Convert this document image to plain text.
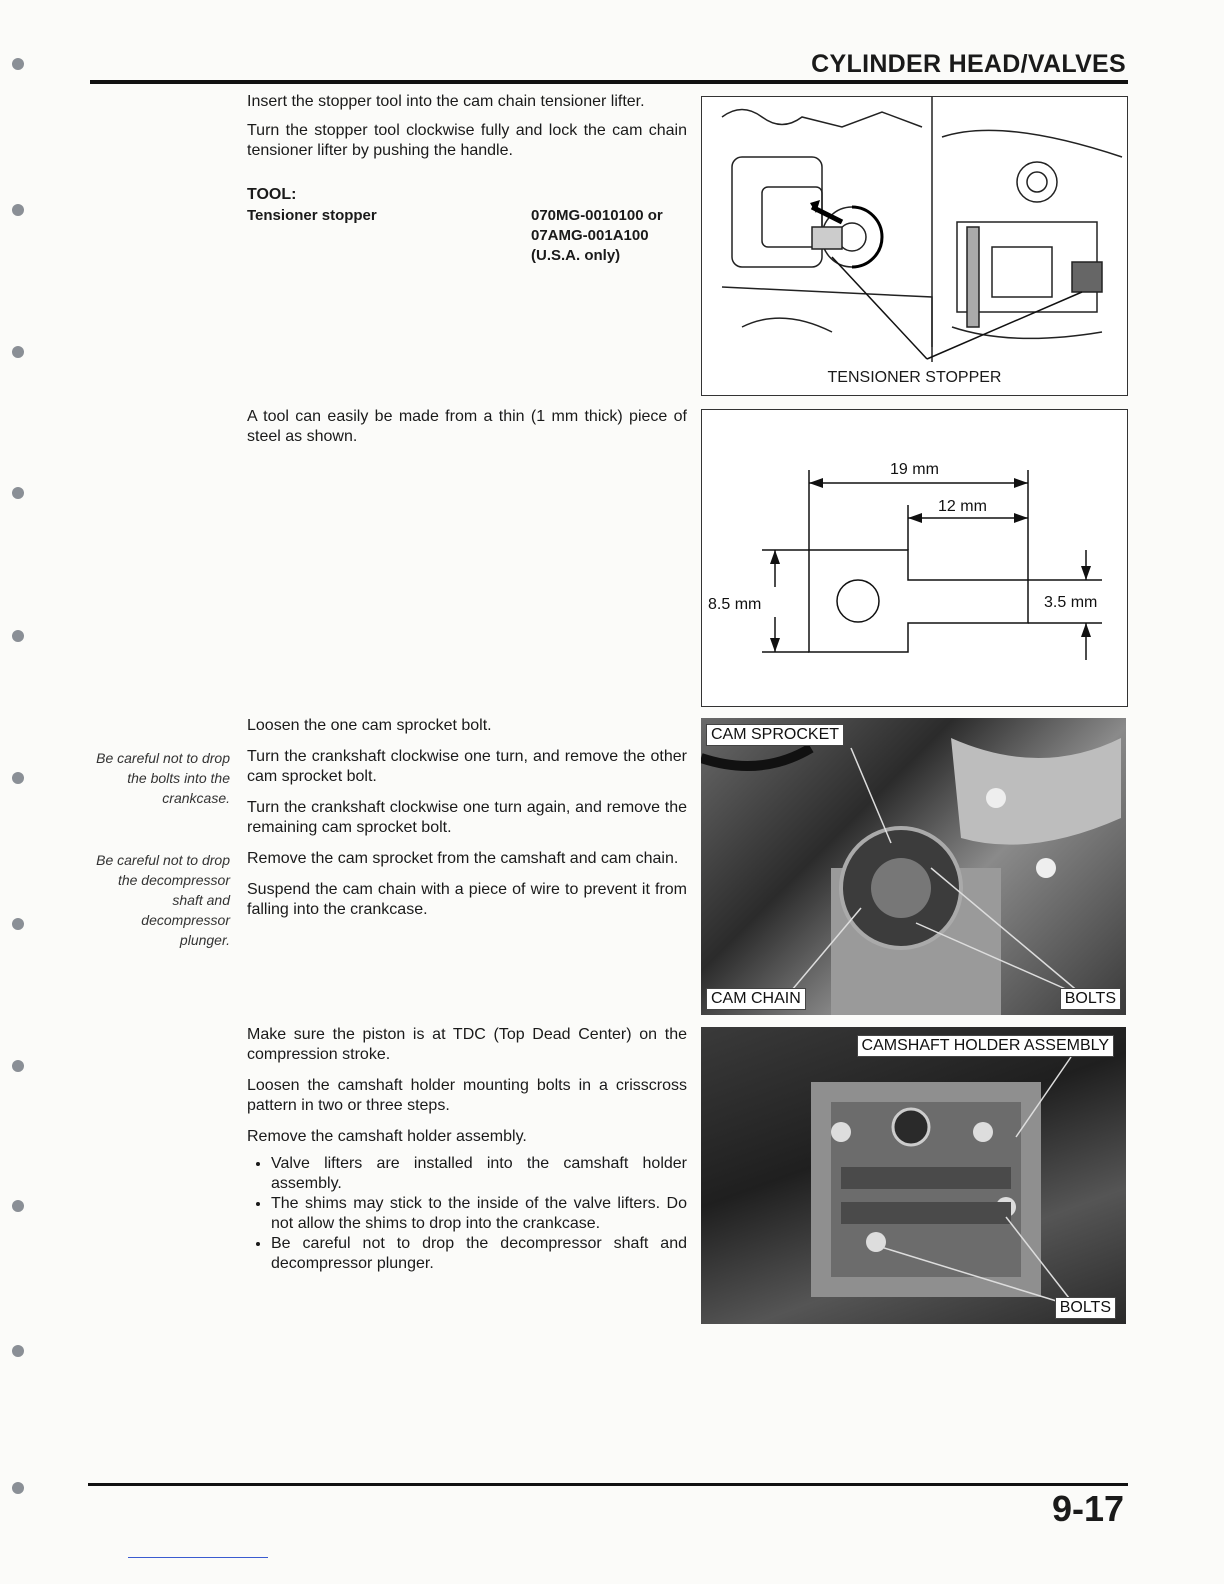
CYLINDER HEAD/VALVES

Insert the stopper tool into the cam chain tensioner lifter.

Turn the stopper tool clockwise fully and lock the cam chain tensioner lifter by pushing the handle.

TOOL:
Tensioner stopper	070MG-0010100 or
07AMG-001A100
(U.S.A. only)
TENSIONER STOPPER

A tool can easily be made from a thin (1 mm thick) piece of steel as shown.

19 mm
12 mm
8.5 mm	3.5 mm

Loosen the one cam sprocket bolt.

Turn the crankshaft clockwise one turn, and remove the other cam sprocket bolt.

Turn the crankshaft clockwise one turn again, and remove the remaining cam sprocket bolt.

Remove the cam sprocket from the camshaft and cam chain.

Suspend the cam chain with a piece of wire to prevent it from falling into the crankcase.

Be careful not to drop the bolts into the crankcase.
Be careful not to drop the decompressor shaft and decompressor plunger.
CAM SPROCKET
CAM CHAIN	BOLTS

Make sure the piston is at TDC (Top Dead Center) on the compression stroke.

Loosen the camshaft holder mounting bolts in a crisscross pattern in two or three steps.

Remove the camshaft holder assembly.

• Valve lifters are installed into the camshaft holder assembly.
• The shims may stick to the inside of the valve lifters. Do not allow the shims to drop into the crankcase.
• Be careful not to drop the decompressor shaft and decompressor plunger.
CAMSHAFT HOLDER ASSEMBLY
BOLTS
9-17
